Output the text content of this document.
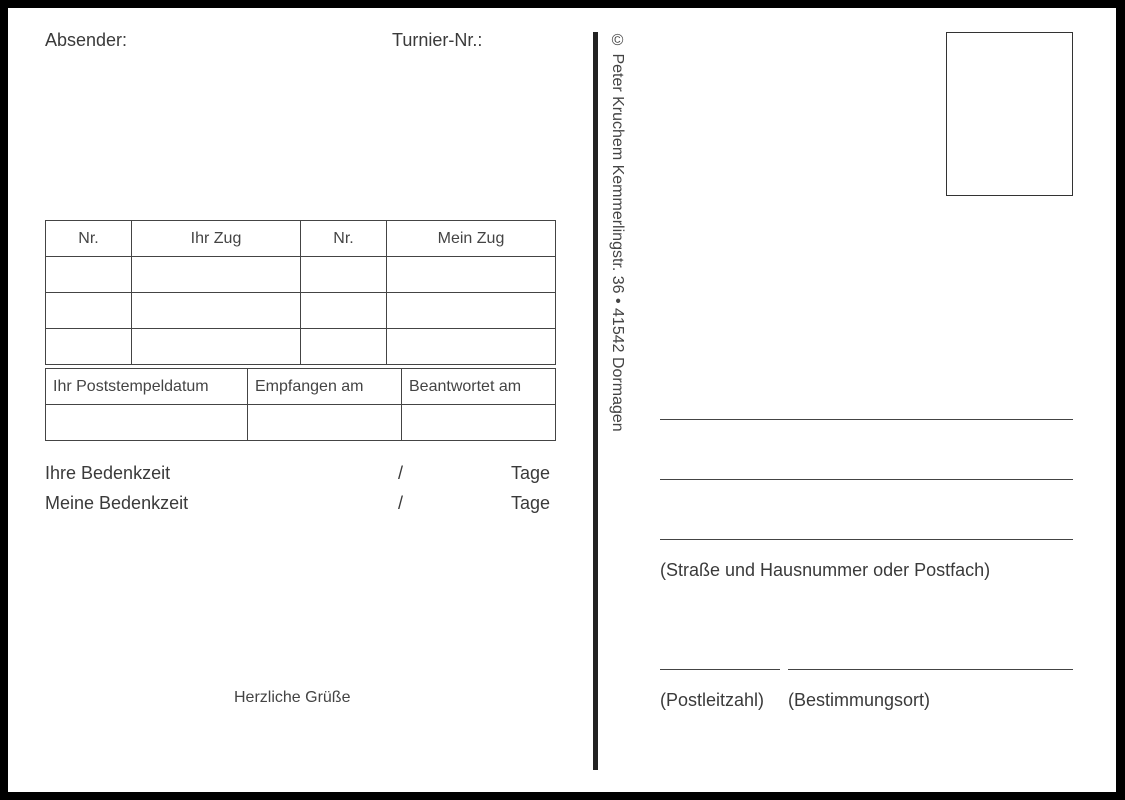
Absender:	Turnier-Nr.:
Nr.	Ihr Zug	Nr.	Mein Zug

Ihr Poststempeldatum	Empfangen am	Beantwortet am

Ihre Bedenkzeit	/	Tage
Meine Bedenkzeit	/	Tage
Herzliche Grüße
© Peter Kruchem Kemmerlingstr. 36 • 41542 Dormagen
(Straße und Hausnummer oder Postfach)
(Postleitzahl) (Bestimmungsort)
